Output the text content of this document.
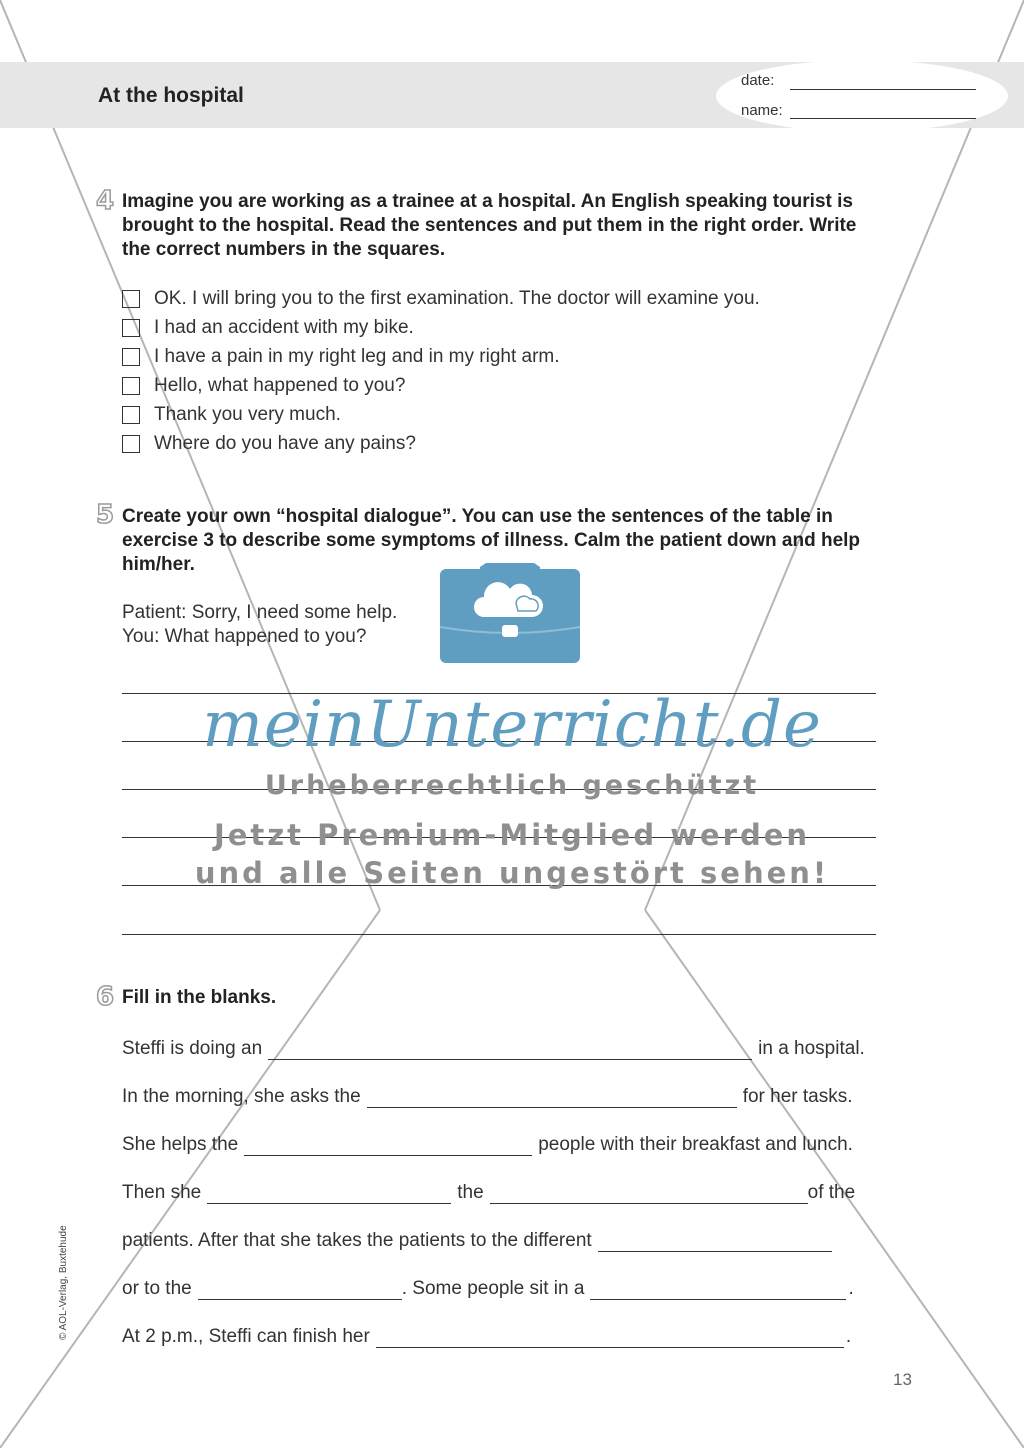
At the hospital
date:
name:
4 Imagine you are working as a trainee at a hospital. An English speaking tourist is brought to the hospital. Read the sentences and put them in the right order. Write the correct numbers in the squares.
OK. I will bring you to the first examination. The doctor will examine you.
I had an accident with my bike.
I have a pain in my right leg and in my right arm.
Hello, what happened to you?
Thank you very much.
Where do you have any pains?
5 Create your own “hospital dialogue”. You can use the sentences of the table in exercise 3 to describe some symptoms of illness. Calm the patient down and help him/her.
Patient: Sorry, I need some help.
You: What happened to you?
meinUnterricht.de
Urheberrechtlich geschützt
Jetzt Premium-Mitglied werden
und alle Seiten ungestört sehen!
6 Fill in the blanks.
Steffi is doing an	in a hospital.
In the morning, she asks the	for her tasks.
She helps the	people with their breakfast and lunch.
Then she	the	of the
patients. After that she takes the patients to the different
or to the	. Some people sit in a	.
At 2 p.m., Steffi can finish her	.
© AOL-Verlag, Buxtehude
13
